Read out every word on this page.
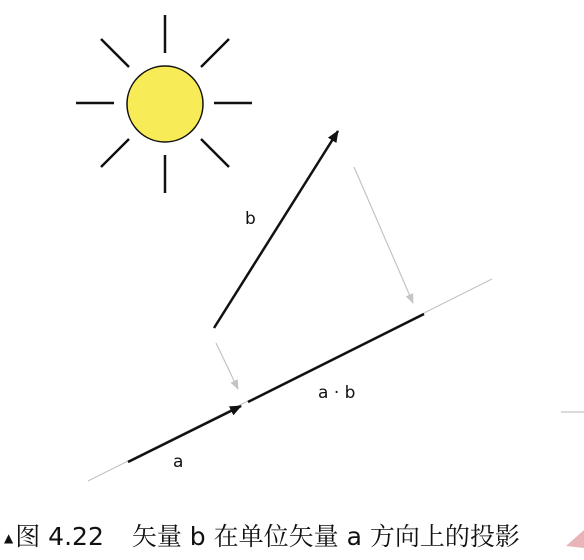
b
a · b
a
▲ 图 4.22 矢量 b 在单位矢量 a 方向上的投影
